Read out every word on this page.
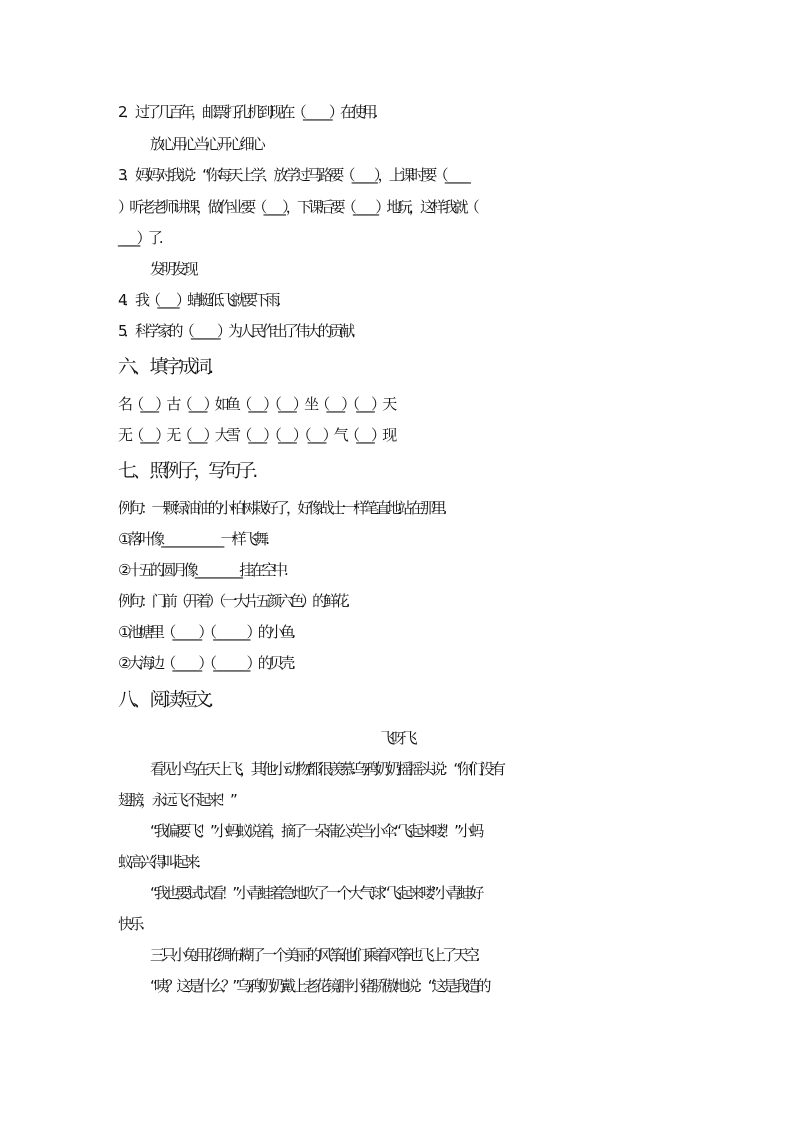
2．过了几百年，邮票打孔机到现在（_______）在使用.
放心用心当心开心细心
3．妈妈对我说：“你每天上学、放学过马路要（______），上课时要（______
）听老老师讲课，做作业要（_____），下课后要（______）地玩，这样我就（
_____）了.
发明发现
4．我（_____）蜻蜓低飞就要下雨.
5．科学家的（_______）为人民作出了伟大的贡献.
六、 填字成词.
名（____）古（____）如鱼（____）（____）坐（____）（____）天
无（____）无（____）大雪（____）（____）（____）气（____）现
七、 照例子，写句子.
例句：一颗绿油油的小柏树栽好了，好像战士一样笔直地站在那里.
①落叶像________________一样飞舞.
②十五的圆月像____________挂在空中.
例句：门前（开着）（一大片五颜六色）的鲜花.
①池塘里（_______）（_________）的小鱼.
②大海边（_______）（_________）的贝壳.
八、 阅读短文.
飞呀飞
看见小鸟在天上飞，其他小动物都很羡慕.乌鸦奶奶摇摇头说：“你们没有
翅膀，永远飞不起来！”
“我偏要飞！”小蚂蚁说着，摘了一朵蒲公英当小伞.“飞起来喽！”小蚂
蚁高兴得叫起来.
“我也要试试看！”小青蛙着急地吹了一个大气球.“飞起来喽”小青蛙好
快乐.
三只小兔用花绸布糊了一个美丽的风筝.他们乘着风筝也飞上了天空.
“咦？这是什么？”乌鸦奶奶戴上老花镜.胖小猪骄傲地说：“这是我造的
